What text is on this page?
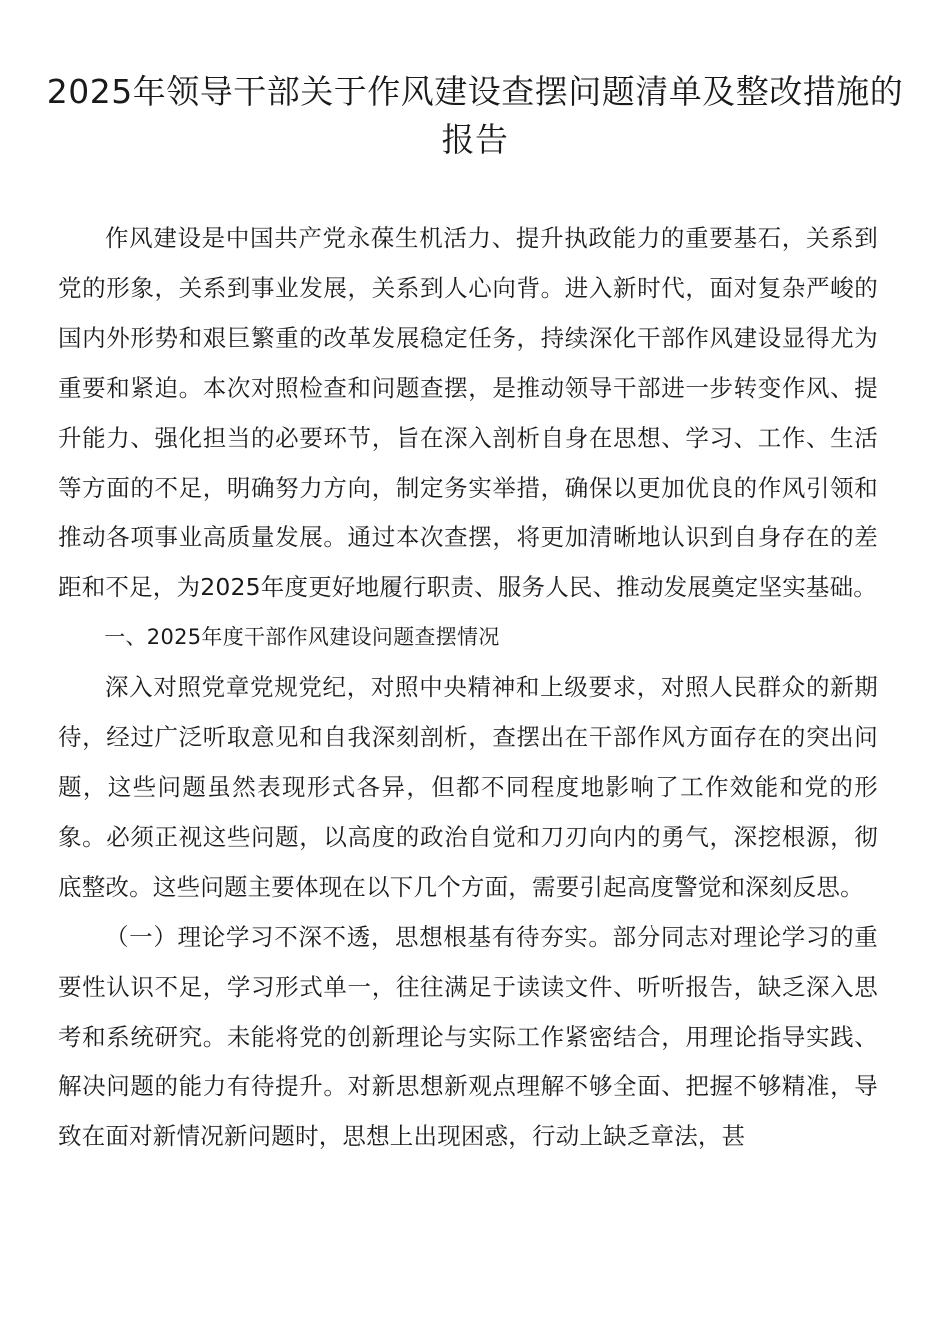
2025年领导干部关于作风建设查摆问题清单及整改措施的报告

作风建设是中国共产党永葆生机活力、提升执政能力的重要基石，关系到党的形象，关系到事业发展，关系到人心向背。进入新时代，面对复杂严峻的国内外形势和艰巨繁重的改革发展稳定任务，持续深化干部作风建设显得尤为重要和紧迫。本次对照检查和问题查摆，是推动领导干部进一步转变作风、提升能力、强化担当的必要环节，旨在深入剖析自身在思想、学习、工作、生活等方面的不足，明确努力方向，制定务实举措，确保以更加优良的作风引领和推动各项事业高质量发展。通过本次查摆，将更加清晰地认识到自身存在的差距和不足，为2025年度更好地履行职责、服务人民、推动发展奠定坚实基础。

一、2025年度干部作风建设问题查摆情况

深入对照党章党规党纪，对照中央精神和上级要求，对照人民群众的新期待，经过广泛听取意见和自我深刻剖析，查摆出在干部作风方面存在的突出问题，这些问题虽然表现形式各异，但都不同程度地影响了工作效能和党的形象。必须正视这些问题，以高度的政治自觉和刀刃向内的勇气，深挖根源，彻底整改。这些问题主要体现在以下几个方面，需要引起高度警觉和深刻反思。

（一）理论学习不深不透，思想根基有待夯实。部分同志对理论学习的重要性认识不足，学习形式单一，往往满足于读读文件、听听报告，缺乏深入思考和系统研究。未能将党的创新理论与实际工作紧密结合，用理论指导实践、解决问题的能力有待提升。对新思想新观点理解不够全面、把握不够精准，导致在面对新情况新问题时，思想上出现困惑，行动上缺乏章法，甚
